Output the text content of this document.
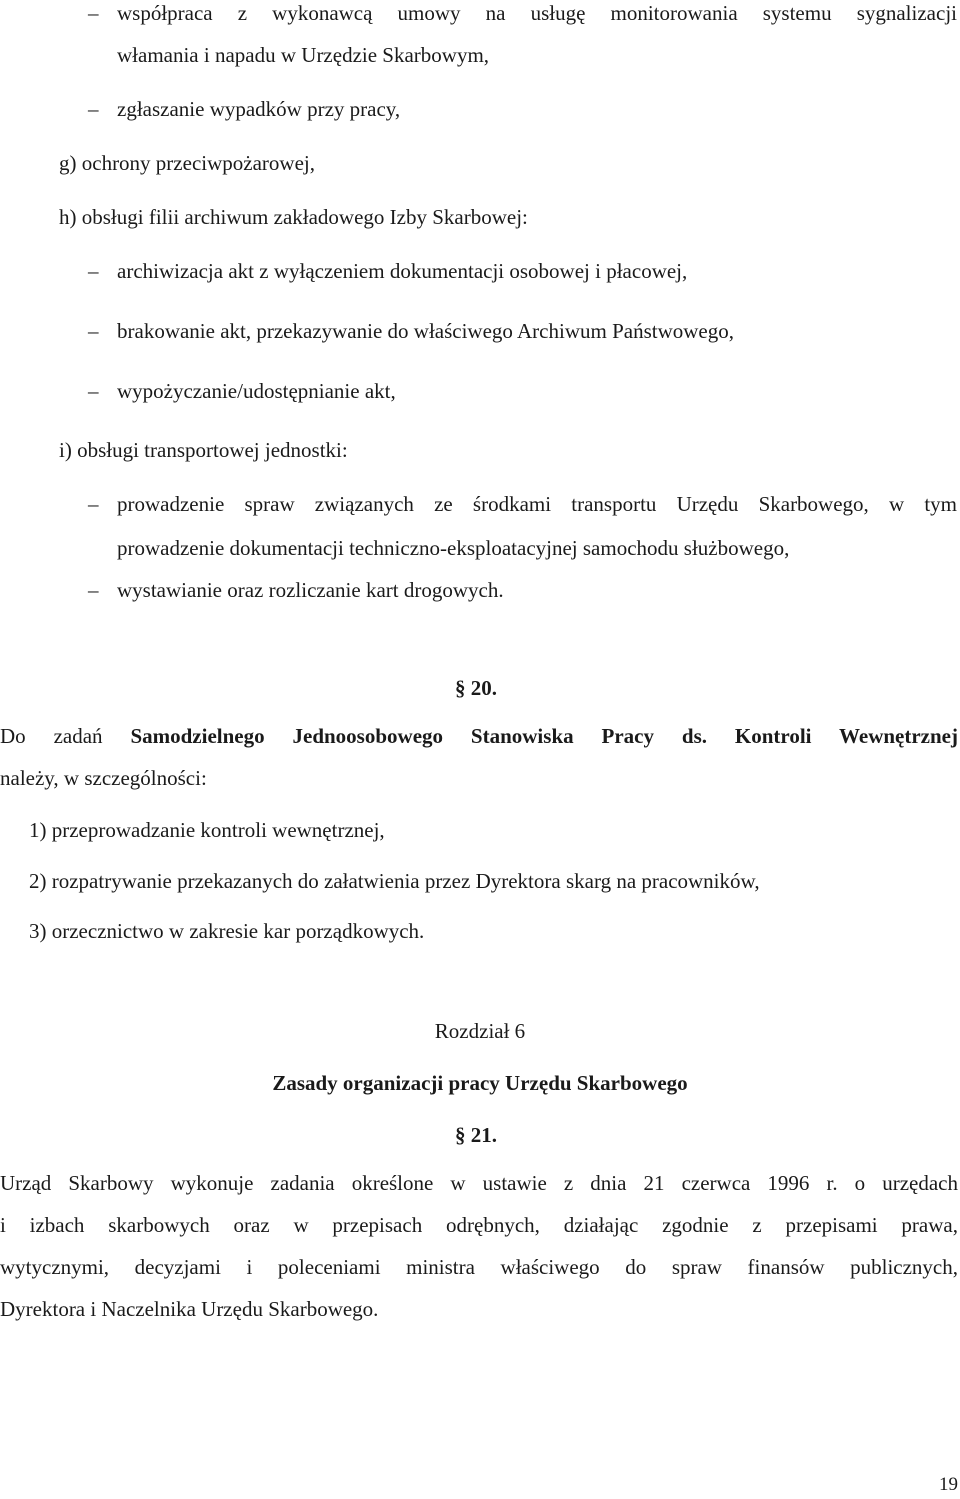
– współpraca z wykonawcą umowy na usługę monitorowania systemu sygnalizacji
włamania i napadu w Urzędzie Skarbowym,
– zgłaszanie wypadków przy pracy,
g) ochrony przeciwpożarowej,
h) obsługi filii archiwum zakładowego Izby Skarbowej:
– archiwizacja akt z wyłączeniem dokumentacji osobowej i płacowej,
– brakowanie akt, przekazywanie do właściwego Archiwum Państwowego,
– wypożyczanie/udostępnianie akt,
i) obsługi transportowej jednostki:
– prowadzenie spraw związanych ze środkami transportu Urzędu Skarbowego, w tym
prowadzenie dokumentacji techniczno-eksploatacyjnej samochodu służbowego,
– wystawianie oraz rozliczanie kart drogowych.
§ 20.
Do zadań Samodzielnego Jednoosobowego Stanowiska Pracy ds. Kontroli Wewnętrznej
należy, w szczególności:
1) przeprowadzanie kontroli wewnętrznej,
2) rozpatrywanie przekazanych do załatwienia przez Dyrektora skarg na pracowników,
3) orzecznictwo w zakresie kar porządkowych.
Rozdział 6
Zasady organizacji pracy Urzędu Skarbowego
§ 21.
Urząd Skarbowy wykonuje zadania określone w ustawie z dnia 21 czerwca 1996 r. o urzędach
i izbach skarbowych oraz w przepisach odrębnych, działając zgodnie z przepisami prawa,
wytycznymi, decyzjami i poleceniami ministra właściwego do spraw finansów publicznych,
Dyrektora i Naczelnika Urzędu Skarbowego.
19
